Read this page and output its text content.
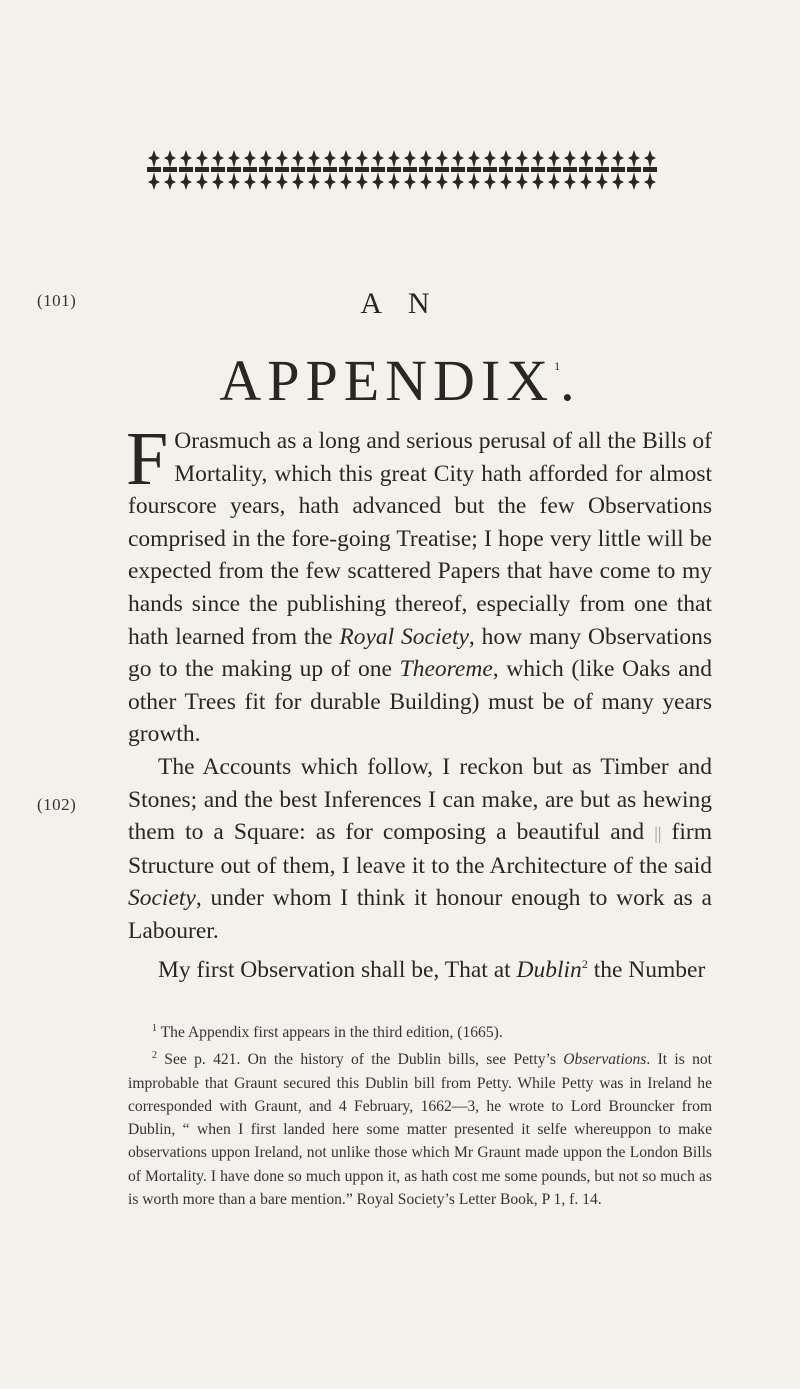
(101)
(102)
A N
APPENDIX$^1$.

F Orasmuch as a long and serious perusal of all the Bills of Mortality, which this great City hath afforded for almost fourscore years, hath advanced but the few Observations comprised in the fore-going Treatise; I hope very little will be expected from the few scattered Papers that have come to my hands since the publishing thereof, especially from one that hath learned from the Royal Society, how many Observations go to the making up of one Theoreme, which (like Oaks and other Trees fit for durable Building) must be of many years growth.

The Accounts which follow, I reckon but as Timber and Stones; and the best Inferences I can make, are but as hewing them to a Square: as for composing a beautiful and || firm Structure out of them, I leave it to the Architecture of the said Society, under whom I think it honour enough to work as a Labourer.

My first Observation shall be, That at Dublin$^2$ the Number

$^1$ The Appendix first appears in the third edition, (1665).

$^2$ See p. 421. On the history of the Dublin bills, see Petty’s Observations. It is not improbable that Graunt secured this Dublin bill from Petty. While Petty was in Ireland he corresponded with Graunt, and 4 February, 1662—3, he wrote to Lord Brouncker from Dublin, “ when I first landed here some matter presented it selfe whereuppon to make observations uppon Ireland, not unlike those which Mr Graunt made uppon the London Bills of Mortality. I have done so much uppon it, as hath cost me some pounds, but not so much as is worth more than a bare mention.” Royal Society’s Letter Book, P 1, f. 14.
